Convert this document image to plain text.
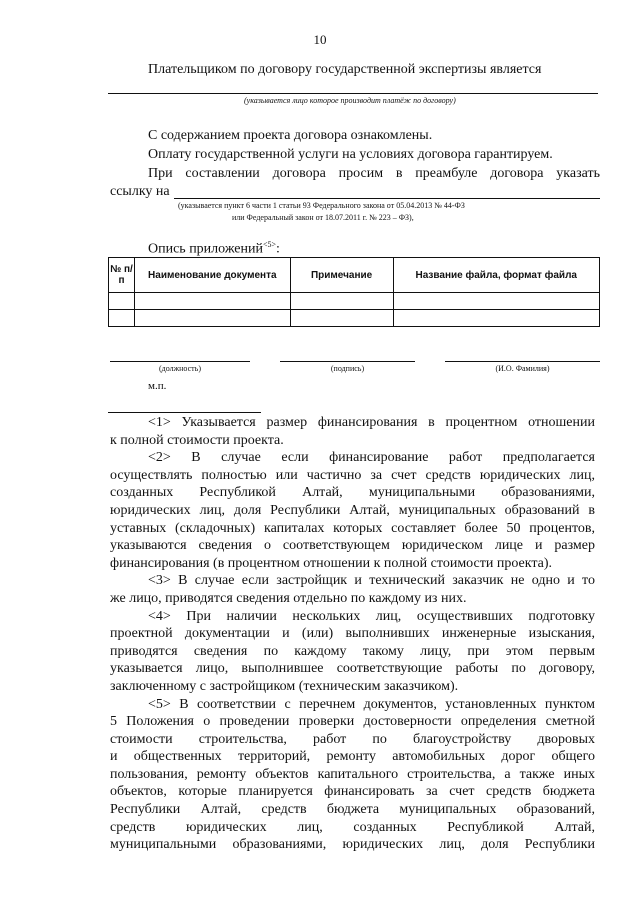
10
Плательщиком по договору государственной экспертизы является
(указывается лицо которое производит платёж по договору)
С содержанием проекта договора ознакомлены.
Оплату государственной услуги на условиях договора гарантируем.
При составлении договора просим в преамбуле договора указать
ссылку на
(указывается пункт 6 части 1 статьи 93 Федерального закона от 05.04.2013 № 44-ФЗ
или Федеральный закон от 18.07.2011 г. № 223 – ФЗ),
Опись приложений$^{<5>}$:
№ п/п	Наименование документа	Примечание	Название файла, формат файла

(должность)	(подпись)	(И.О. Фамилия)
м.п.
<1> Указывается размер финансирования в процентном отношении
к полной стоимости проекта.
<2> В случае если финансирование работ предполагается
осуществлять полностью или частично за счет средств юридических лиц,
созданных Республикой Алтай, муниципальными образованиями,
юридических лиц, доля Республики Алтай, муниципальных образований в
уставных (складочных) капиталах которых составляет более 50 процентов,
указываются сведения о соответствующем юридическом лице и размер
финансирования (в процентном отношении к полной стоимости проекта).
<3> В случае если застройщик и технический заказчик не одно и то
же лицо, приводятся сведения отдельно по каждому из них.
<4> При наличии нескольких лиц, осуществивших подготовку
проектной документации и (или) выполнивших инженерные изыскания,
приводятся сведения по каждому такому лицу, при этом первым
указывается лицо, выполнившее соответствующие работы по договору,
заключенному с застройщиком (техническим заказчиком).
<5> В соответствии с перечнем документов, установленных пунктом
5 Положения о проведении проверки достоверности определения сметной
стоимости строительства, работ по благоустройству дворовых
и общественных территорий, ремонту автомобильных дорог общего
пользования, ремонту объектов капитального строительства, а также иных
объектов, которые планируется финансировать за счет средств бюджета
Республики Алтай, средств бюджета муниципальных образований,
средств юридических лиц, созданных Республикой Алтай,
муниципальными образованиями, юридических лиц, доля Республики
